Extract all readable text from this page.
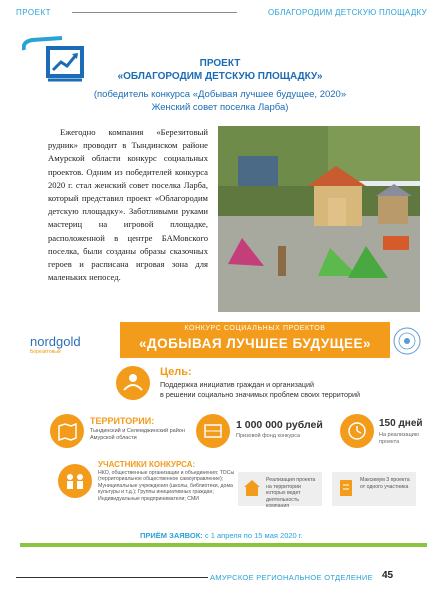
ПРОЕКТ	ОБЛАГОРОДИМ ДЕТСКУЮ ПЛОЩАДКУ
ПРОЕКТ
«ОБЛАГОРОДИМ ДЕТСКУЮ ПЛОЩАДКУ»
(победитель конкурса «Добывая лучшее будущее, 2020»
Женский совет поселка Ларба)
Ежегодно компания «Березитовый рудник» проводит в Тындинском районе Амурской области конкурс социальных проектов. Одним из победителей конкурса 2020 г. стал женский совет поселка Ларба, который представил проект «Облагородим детскую площадку». Заботливыми руками мастериц на игровой площадке, расположенной в центре БАМовского поселка, были созданы образы сказочных героев и расписана игровая зона для маленьких непосед.
nordgold
Березитовый
КОНКУРС СОЦИАЛЬНЫХ ПРОЕКТОВ
«ДОБЫВАЯ ЛУЧШЕЕ БУДУЩЕЕ»
Цель:
Поддержка инициатив граждан и организаций
в решении социально значимых проблем своих территорий
ТЕРРИТОРИИ:
Тындинский и Селемджинский район Амурской области
1 000 000 рублей
Призовой фонд конкурса
150 дней
На реализацию проекта
УЧАСТНИКИ КОНКУРСА:
НКО, общественные организации и объединения; ТОСы (территориальное общественное самоуправление); Муниципальные учреждения (школы, библиотеки, дома культуры и т.д.); Группы инициативных граждан; Индивидуальные предприниматели; СМИ
Реализация проекта на территории которых ведет деятельность компания
Максимум 3 проекта от одного участника
ПРИЁМ ЗАЯВОК: с 1 апреля по 15 мая 2020 г.
АМУРСКОЕ РЕГИОНАЛЬНОЕ ОТДЕЛЕНИЕ 45
